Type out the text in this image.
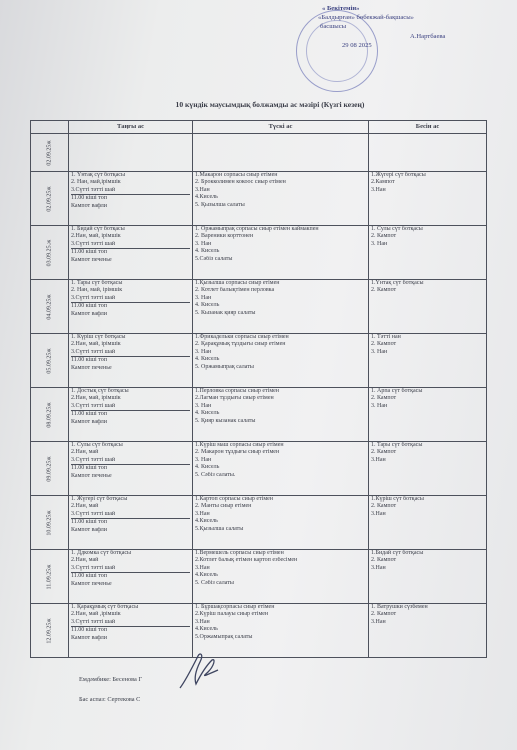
« Бекітемін»
«Балдырған» бөбекжай-бақшасы»
басшысы
А.Нартбаева
29 08 2025
10 күндік маусымдық болжамды ас мәзірі (Күзгі кезең)
	Таңғы ас	Түскі ас	Бесін ас

02.09.25ж			

02.09.25ж	1. Үнтақ сүт ботқасы
2. Нан, май,ірімшік
3.Сүтті тәтті шай
11.00 кіші топ
Кампот вафли	1.Макарон сорпасы сиыр етімен
2. Брокколимен кокоос сиыр етімен
3.Нан
4.Кисель
5. Қызылша салаты	1.Жүгері сүт ботқасы
2.Кампот
3.Нан

03.09.25.ж	1. Бидай сүт ботқасы
2.Нан, май, ірімшік
3.Сүтті тәтті шай
11.00 кіші топ
Кампот печенье	1. Оржамыпрақ сорпасы сиыр етімен каймакпен
2. Вареники корттонен
3. Нан
4. Кисель
5.Сәбіз салаты	1. Сулы сүт ботқасы
2. Кампот
3. Нан

04.09.25ж	1. Тары сүт ботқасы
2. Нан, май, ірімшік
3.Сүтті тәтті шай
11.00 кіші топ
Кампот вафли	1.Қызылша сорпасы сиыр етімен
2. Котлет балықтімен перловка
3. Нан
4. Кисель
5. Кызанак қияр салаты	1.Үнтақ сүт ботқасы
2. Кампот

05.09.25ж	1. Күріш сүт ботқасы
2.Нан, май, ірімшік
3.Сүтті тәтті шай
11.00 кіші топ
Кампот печенье	1.Фрикадельки сорпасы сиыр етімен
2. Қарақұмық тұздығы сиыр етімен
3. Нан
4. Кисель
5. Оржамыпрақ салаты	1. Тәтті нан
2. Кампот
3. Нан

08.09.25ж	1. Достық сүт ботқасы
2.Нан, май, ірімшік
3.Сүтті тәтті шай
11.00 кіші топ
Кампот вафли	1.Перловка сорпасы сиыр етімен
2.Лагман тұздығы сиыр етімен
3. Нан
4. Кисель
5. Қияр кызанак салаты	1. Арпа сүт ботқасы
2. Кампот
3. Нан

09.09.25ж	1. Сулы сүт ботқасы
2.Нан, май
3.Сүтті тәтті шай
11.00 кіші топ
Кампот печенье	1.Күріш маш сорпасы сиыр етімен
2. Макарон тұздығы сиыр етімен
3. Нан
4. Кисель
5. Сәбіз салаты.	1. Тары сүт ботқасы
2. Кампот
3.Нан

10.09.25ж	1. Жүгері сүт ботқасы
2.Нан, май
3.Сүтті тәтті шай
11.00 кіші топ
Кампот вафли	1.Картоп сорпасы сиыр етімен
2. Манты сиыр етімен
3.Нан
4.Кисель
5.Қызылша салаты	1.Күріш сүт ботқасы
2. Кампот
3.Нан

11.09.25ж	1. Ддкомка сүт ботқасы
2.Нан, май
3.Сүтті тәтті шай
11.00 кіші топ
Кампот печенье	1.Вермешель сорпасы сиыр етімен
2.Котлет балық етімен картоп езбесімен
3.Нан
4.Кисель
5. Сәбіз салаты	1.Бидай сүт ботқасы
2. Кампот
3.Нан

12.09.25ж	1. Қарақұмық сүт ботқасы
2.Нан, май ,ірімшік
3.Сүтті тәтті шай
11.00 кіші топ
Кампот вафли	1. Бұршақсорпасы сиыр етімен
2.Күріш палауы сиыр етімен
3.Нан
4.Кисель
5.Оржамыпрақ салаты	1. Ватрушки сүзбемен
2. Кампот
3.Нан
Емдәмбике: Бесенова Г
Бас аспаз: Сертекова С
